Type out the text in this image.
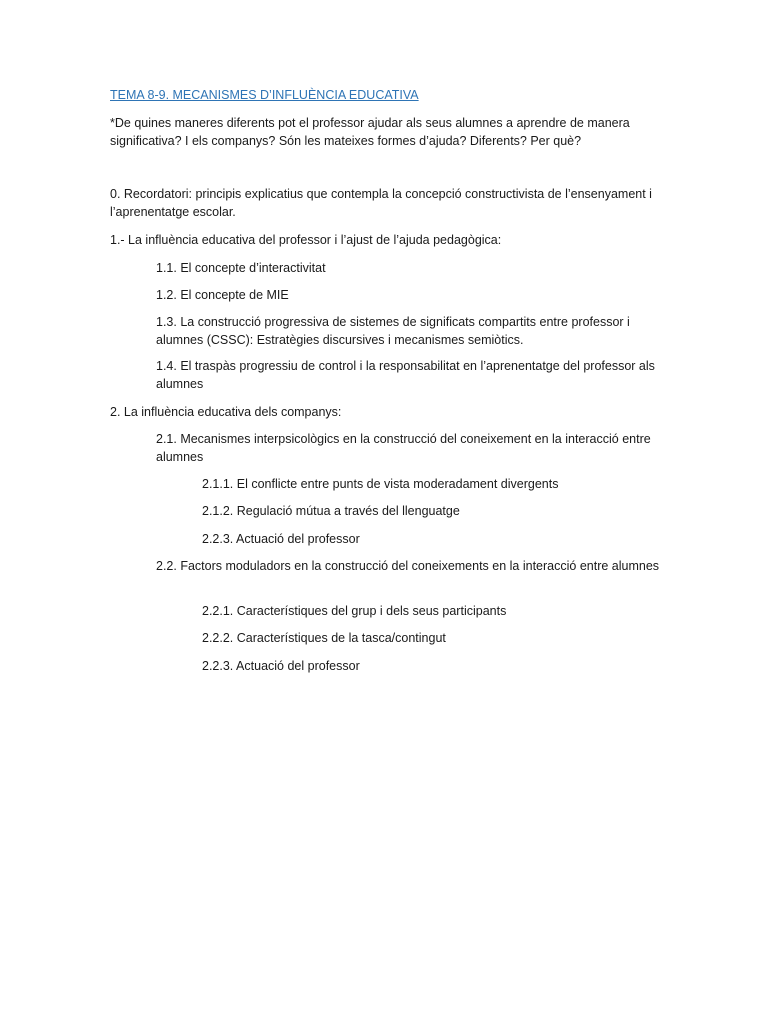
TEMA 8-9. MECANISMES D’INFLUÈNCIA EDUCATIVA
*De quines maneres diferents pot el professor ajudar als seus alumnes a aprendre de manera significativa? I els companys? Són les mateixes formes d’ajuda? Diferents? Per què?
0. Recordatori: principis explicatius que contempla la concepció constructivista de l’ensenyament i l’aprenentatge escolar.
1.- La influència educativa del professor i l’ajust de l’ajuda pedagògica:
1.1. El concepte d’interactivitat
1.2. El concepte de MIE
1.3. La construcció progressiva de sistemes de significats compartits entre professor i alumnes (CSSC): Estratègies discursives i mecanismes semiòtics.
1.4. El traspàs progressiu de control i la responsabilitat en l’aprenentatge del professor als alumnes
2. La influència educativa dels companys:
2.1. Mecanismes interpsicològics en la construcció del coneixement en la interacció entre alumnes
2.1.1. El conflicte entre punts de vista moderadament divergents
2.1.2. Regulació mútua a través del llenguatge
2.2.3. Actuació del professor
2.2. Factors moduladors en la construcció del coneixements en la interacció entre alumnes
2.2.1. Característiques del grup i dels seus participants
2.2.2. Característiques de la tasca/contingut
2.2.3. Actuació del professor
